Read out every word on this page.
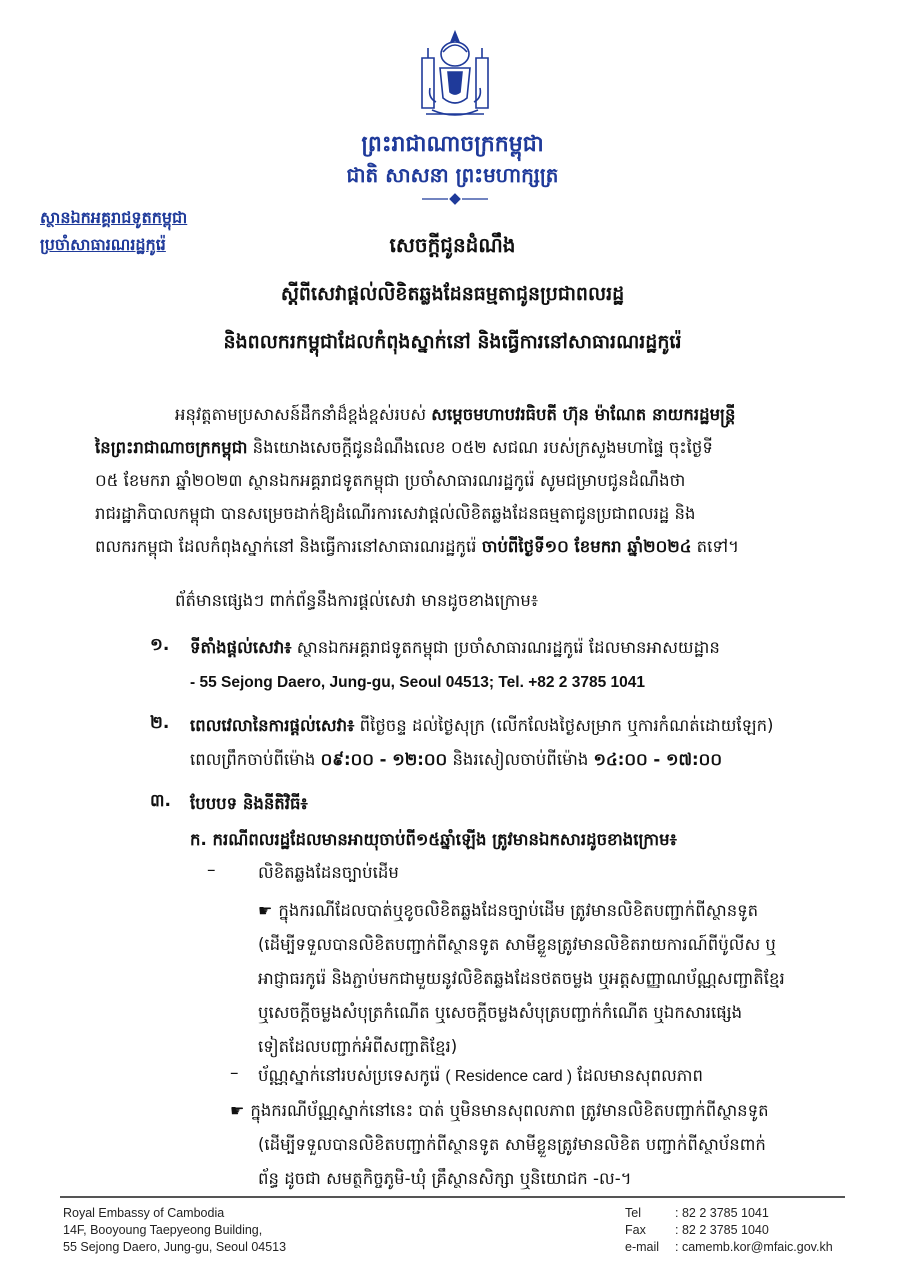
ព្រះរាជាណាចក្រកម្ពុជា
ជាតិ សាសនា ព្រះមហាក្សត្រ
ស្ថានឯកអគ្គរាជទូតកម្ពុជា
ប្រចាំសាធារណរដ្ឋកូរ៉េ	សេចក្តីជូនដំណឹង
ស្តីពីសេវាផ្តល់លិខិតឆ្លងដែនធម្មតាជូនប្រជាពលរដ្ឋ
និងពលករកម្ពុជាដែលកំពុងស្នាក់នៅ និងធ្វើការនៅសាធារណរដ្ឋកូរ៉េ
អនុវត្តតាមប្រសាសន៍ដឹកនាំដ៏ខ្ពង់ខ្ពស់របស់ សម្តេចមហាបវរធិបតី ហ៊ុន ម៉ាណែត នាយករដ្ឋមន្ត្រី
នៃព្រះរាជាណាចក្រកម្ពុជា និងយោងសេចក្តីជូនដំណឹងលេខ ០៥២ សជណ របស់ក្រសួងមហាផ្ទៃ ចុះថ្ងៃទី
០៥ ខែមករា ឆ្នាំ២០២៣ ស្ថានឯកអគ្គរាជទូតកម្ពុជា ប្រចាំសាធារណរដ្ឋកូរ៉េ សូមជម្រាបជូនដំណឹងថា
រាជរដ្ឋាភិបាលកម្ពុជា បានសម្រេចដាក់ឱ្យដំណើរការសេវាផ្តល់លិខិតឆ្លងដែនធម្មតាជូនប្រជាពលរដ្ឋ និង
ពលករកម្ពុជា ដែលកំពុងស្នាក់នៅ និងធ្វើការនៅសាធារណរដ្ឋកូរ៉េ ចាប់ពីថ្ងៃទី១០ ខែមករា ឆ្នាំ២០២៤ តទៅ។
ព័ត៌មានផ្សេងៗ ពាក់ព័ន្ធនឹងការផ្តល់សេវា មានដូចខាងក្រោម៖
១. ទីតាំងផ្តល់សេវា៖ ស្ថានឯកអគ្គរាជទូតកម្ពុជា ប្រចាំសាធារណរដ្ឋកូរ៉េ ដែលមានអាសយដ្ឋាន
- 55 Sejong Daero, Jung-gu, Seoul 04513; Tel. +82 2 3785 1041
២. ពេលវេលានៃការផ្តល់សេវា៖ ពីថ្ងៃចន្ទ ដល់ថ្ងៃសុក្រ (លើកលែងថ្ងៃសម្រាក ឬការកំណត់ដោយឡែក)
ពេលព្រឹកចាប់ពីម៉ោង ០៩:០០ - ១២:០០ និងរសៀលចាប់ពីម៉ោង ១៤:០០ - ១៧:០០
៣. បែបបទ និងនីតិវិធី៖
ក. ករណីពលរដ្ឋដែលមានអាយុចាប់ពី១៥ឆ្នាំឡើង ត្រូវមានឯកសារដូចខាងក្រោម៖
–	លិខិតឆ្លងដែនច្បាប់ដើម
☛ ក្នុងករណីដែលបាត់ឬខូចលិខិតឆ្លងដែនច្បាប់ដើម ត្រូវមានលិខិតបញ្ជាក់ពីស្ថានទូត
(ដើម្បីទទួលបានលិខិតបញ្ជាក់ពីស្ថានទូត សាមីខ្លួនត្រូវមានលិខិតរាយការណ៍ពីប៉ូលីស ឬ
អាជ្ញាធរកូរ៉េ និងភ្ជាប់មកជាមួយនូវលិខិតឆ្លងដែនថតចម្លង ឬអត្តសញ្ញាណប័ណ្ណសញ្ជាតិខ្មែរ
ឬសេចក្តីចម្លងសំបុត្រកំណើត ឬសេចក្តីចម្លងសំបុត្របញ្ជាក់កំណើត ឬឯកសារផ្សេង
ទៀតដែលបញ្ជាក់អំពីសញ្ជាតិខ្មែរ)
– ប័ណ្ណស្នាក់នៅរបស់ប្រទេសកូរ៉េ ( Residence card ) ដែលមានសុពលភាព
☛ ក្នុងករណីប័ណ្ណស្នាក់នៅនេះ បាត់ ឬមិនមានសុពលភាព ត្រូវមានលិខិតបញ្ជាក់ពីស្ថានទូត
(ដើម្បីទទួលបានលិខិតបញ្ជាក់ពីស្ថានទូត សាមីខ្លួនត្រូវមានលិខិត បញ្ជាក់ពីស្ថាប័នពាក់
ព័ន្ធ ដូចជា សមត្ថកិច្ចភូមិ-ឃុំ គ្រឹស្ថានសិក្សា ឬនិយោជក -ល-។
Royal Embassy of Cambodia
14F, Booyoung Taepyeong Building,
55 Sejong Daero, Jung-gu, Seoul 04513
Tel	: 82 2 3785 1041
Fax : 82 2 3785 1040
e-mail : camemb.kor@mfaic.gov.kh
